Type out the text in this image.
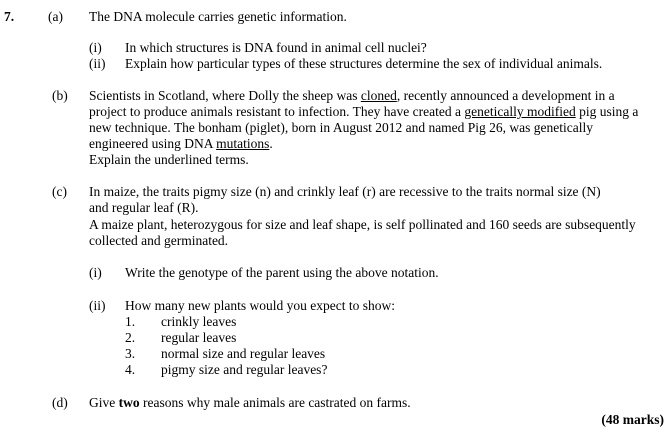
7.	(a) The DNA molecule carries genetic information.
(i) In which structures is DNA found in animal cell nuclei?
(ii) Explain how particular types of these structures determine the sex of individual animals.
(b) Scientists in Scotland, where Dolly the sheep was cloned, recently announced a development in a
project to produce animals resistant to infection. They have created a genetically modified pig using a
new technique. The bonham (piglet), born in August 2012 and named Pig 26, was genetically
engineered using DNA mutations.
Explain the underlined terms.
(c) In maize, the traits pigmy size (n) and crinkly leaf (r) are recessive to the traits normal size (N)
and regular leaf (R).
A maize plant, heterozygous for size and leaf shape, is self pollinated and 160 seeds are subsequently
collected and germinated.
(i) Write the genotype of the parent using the above notation.
(ii) How many new plants would you expect to show:
1. crinkly leaves
2. regular leaves
3. normal size and regular leaves
4. pigmy size and regular leaves?
(d) Give two reasons why male animals are castrated on farms.
(48 marks)
